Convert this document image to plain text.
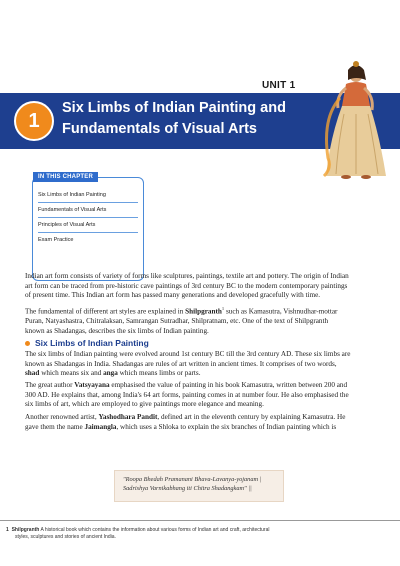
UNIT 1
1
Six Limbs of Indian Painting and
Fundamentals of Visual Arts
IN THIS CHAPTER
Six Limbs of Indian Painting
Fundamentals of Visual Arts
Principles of Visual Arts
Exam Practice
Indian art form consists of variety of forms like sculptures, paintings, textile art and pottery. The origin of Indian
art form can be traced from pre-historic cave paintings of 3rd century BC to the modern contemporary paintings
of present time. This Indian art form has passed many generations and developed gracefully with time.
The fundamental of different art styles are explained in Shilpgranth$^1$ such as Kamasutra, Vishnudhar-mottar
Puran, Natyashastra, Chitralaksan, Samrangan Sutradhar, Shilpratnam, etc. One of the text of Shilpgranth
known as Shadangas, describes the six limbs of Indian painting.
Six Limbs of Indian Painting
The six limbs of Indian painting were evolved around 1st century BC till the 3rd century AD. These six limbs are
known as Shadangas in India. Shadangas are rules of art written in ancient times. It comprises of two words,
shad which means six and anga which means limbs or parts.
The great author Vatsyayana emphasised the value of painting in his book Kamasutra, written between 200 and
300 AD. He explains that, among India's 64 art forms, painting comes in at number four. He also emphasised the
six limbs of art, which are employed to give paintings more elegance and meaning.
Another renowned artist, Yashodhara Pandit, defined art in the eleventh century by explaining Kamasutra. He
gave them the name Jaimangla, which uses a Shloka to explain the six branches of Indian painting which is
"Roopa Bhedah Pramanani Bhava-Lavanya-yojanam |
Sadrishya Varnikabhang iti Chitra Shadangkam" ||
1 Shilpgranth A historical book which contains the information about various forms of Indian art and craft, architectural
styles, sculptures and stories of ancient India.
